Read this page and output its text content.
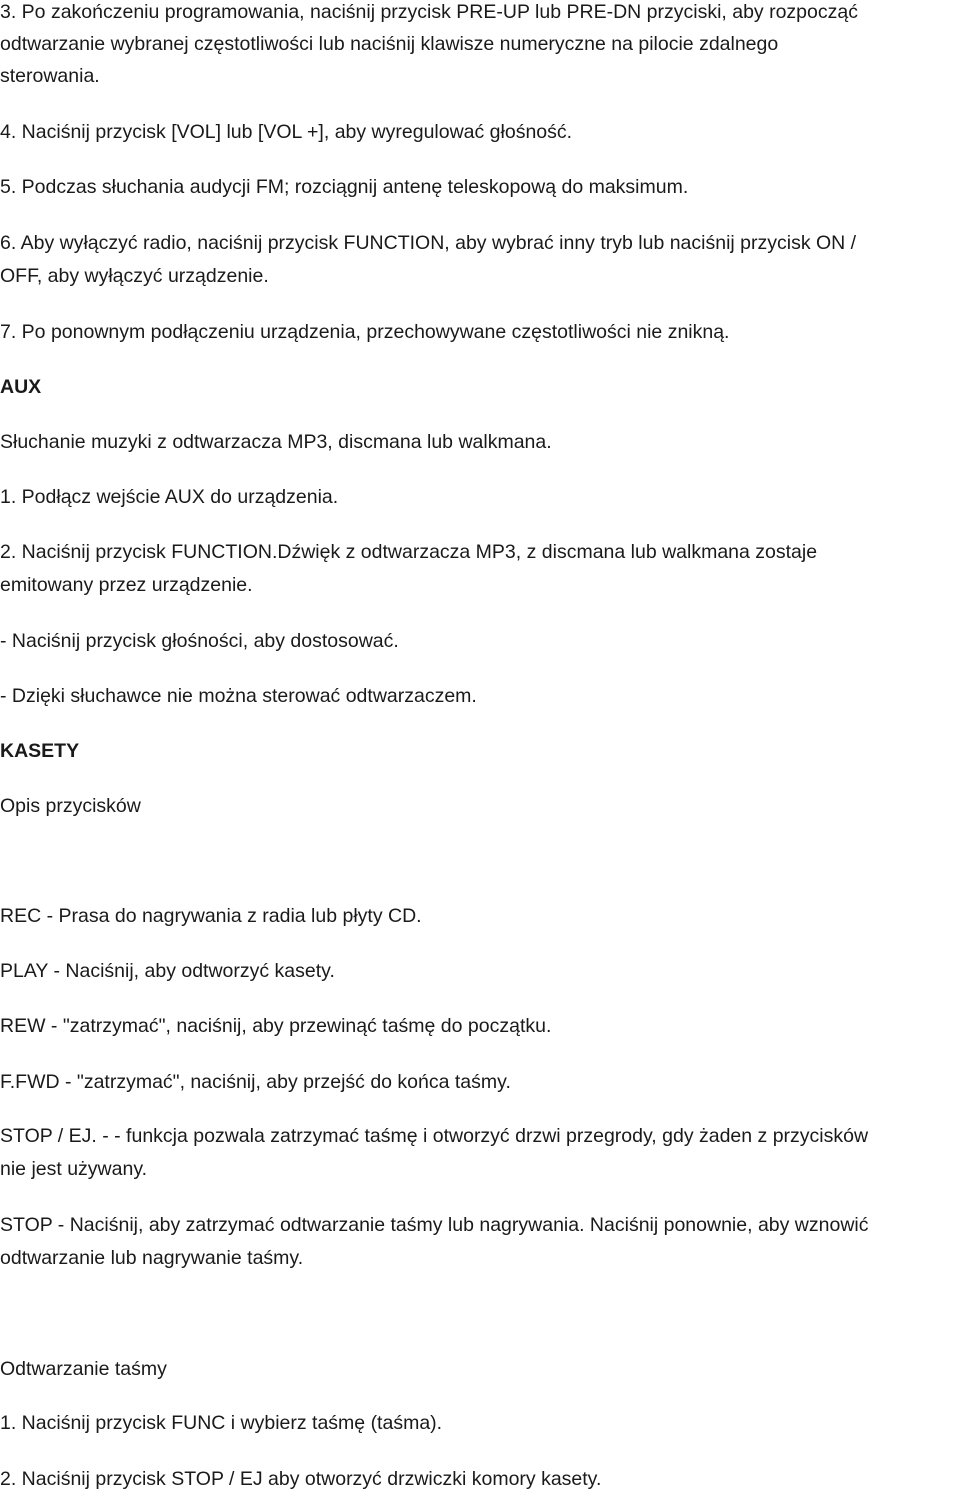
3. Po zakończeniu programowania, naciśnij przycisk PRE-UP lub PRE-DN przyciski, aby rozpocząć
odtwarzanie wybranej częstotliwości lub naciśnij klawisze numeryczne na pilocie zdalnego
sterowania.
4. Naciśnij przycisk [VOL] lub [VOL +], aby wyregulować głośność.
5. Podczas słuchania audycji FM; rozciągnij antenę teleskopową do maksimum.
6. Aby wyłączyć radio, naciśnij przycisk FUNCTION, aby wybrać inny tryb lub naciśnij przycisk ON /
OFF, aby wyłączyć urządzenie.
7. Po ponownym podłączeniu urządzenia, przechowywane częstotliwości nie znikną.
AUX
Słuchanie muzyki z odtwarzacza MP3, discmana lub walkmana.
1. Podłącz wejście AUX do urządzenia.
2. Naciśnij przycisk FUNCTION.Dźwięk z odtwarzacza MP3, z discmana lub walkmana zostaje
emitowany przez urządzenie.
- Naciśnij przycisk głośności, aby dostosować.
- Dzięki słuchawce nie można sterować odtwarzaczem.
KASETY
Opis przycisków
REC - Prasa do nagrywania z radia lub płyty CD.
PLAY - Naciśnij, aby odtworzyć kasety.
REW - "zatrzymać", naciśnij, aby przewinąć taśmę do początku.
F.FWD - "zatrzymać", naciśnij, aby przejść do końca taśmy.
STOP / EJ. - - funkcja pozwala zatrzymać taśmę i otworzyć drzwi przegrody, gdy żaden z przycisków
nie jest używany.
STOP - Naciśnij, aby zatrzymać odtwarzanie taśmy lub nagrywania. Naciśnij ponownie, aby wznowić
odtwarzanie lub nagrywanie taśmy.
Odtwarzanie taśmy
1. Naciśnij przycisk FUNC i wybierz taśmę (taśma).
2. Naciśnij przycisk STOP / EJ aby otworzyć drzwiczki komory kasety.
